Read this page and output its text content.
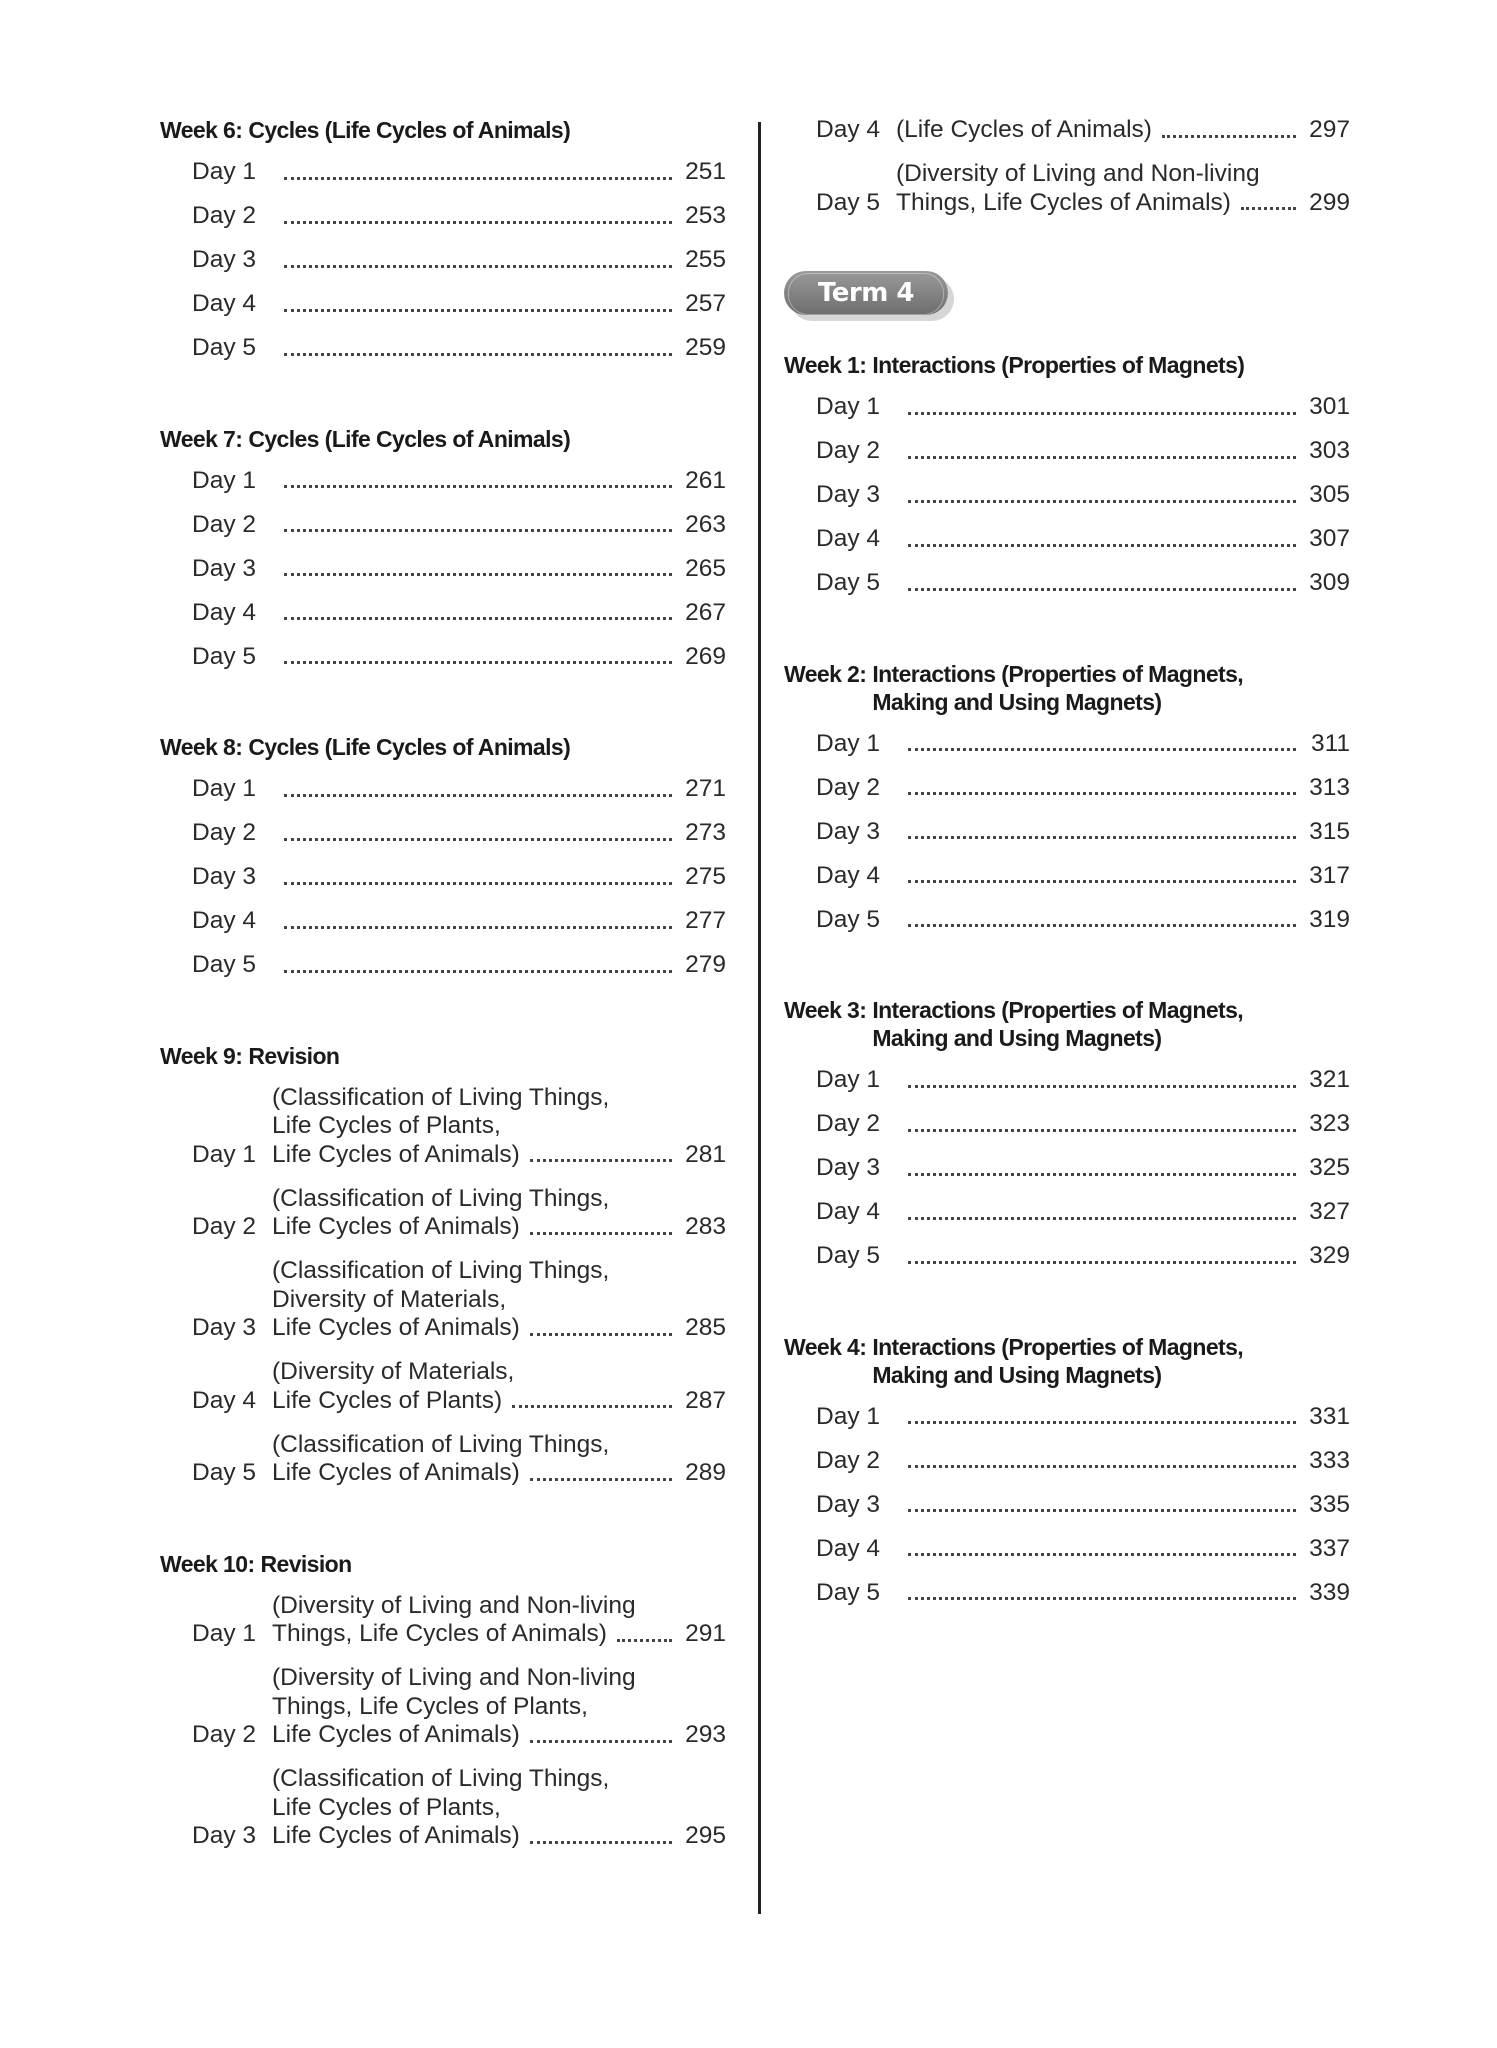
Week 6: Cycles (Life Cycles of Animals)
Day 1	251
Day 2	253
Day 3	255
Day 4	257
Day 5	259
Week 7: Cycles (Life Cycles of Animals)
Day 1	261
Day 2	263
Day 3	265
Day 4	267
Day 5	269
Week 8: Cycles (Life Cycles of Animals)
Day 1	271
Day 2	273
Day 3	275
Day 4	277
Day 5	279
Week 9: Revision
Day 1
(Classification of Living Things,
Life Cycles of Plants,
Life Cycles of Animals)	281
Day 2
(Classification of Living Things,
Life Cycles of Animals)	283
Day 3
(Classification of Living Things,
Diversity of Materials,
Life Cycles of Animals)	285
Day 4
(Diversity of Materials,
Life Cycles of Plants)	287
Day 5
(Classification of Living Things,
Life Cycles of Animals)	289
Week 10: Revision
Day 1
(Diversity of Living and Non-living
Things, Life Cycles of Animals)	291
Day 2
(Diversity of Living and Non-living
Things, Life Cycles of Plants,
Life Cycles of Animals)	293
Day 3
(Classification of Living Things,
Life Cycles of Plants,
Life Cycles of Animals)	295
Day 4 (Life Cycles of Animals)	297
Day 5
(Diversity of Living and Non-living
Things, Life Cycles of Animals)	299
Term 4
Week 1: Interactions (Properties of Magnets)
Day 1	301
Day 2	303
Day 3	305
Day 4	307
Day 5	309
Week 2: Interactions (Properties of Magnets,
Making and Using Magnets)
Day 1	311
Day 2	313
Day 3	315
Day 4	317
Day 5	319
Week 3: Interactions (Properties of Magnets,
Making and Using Magnets)
Day 1	321
Day 2	323
Day 3	325
Day 4	327
Day 5	329
Week 4: Interactions (Properties of Magnets,
Making and Using Magnets)
Day 1	331
Day 2	333
Day 3	335
Day 4	337
Day 5	339
